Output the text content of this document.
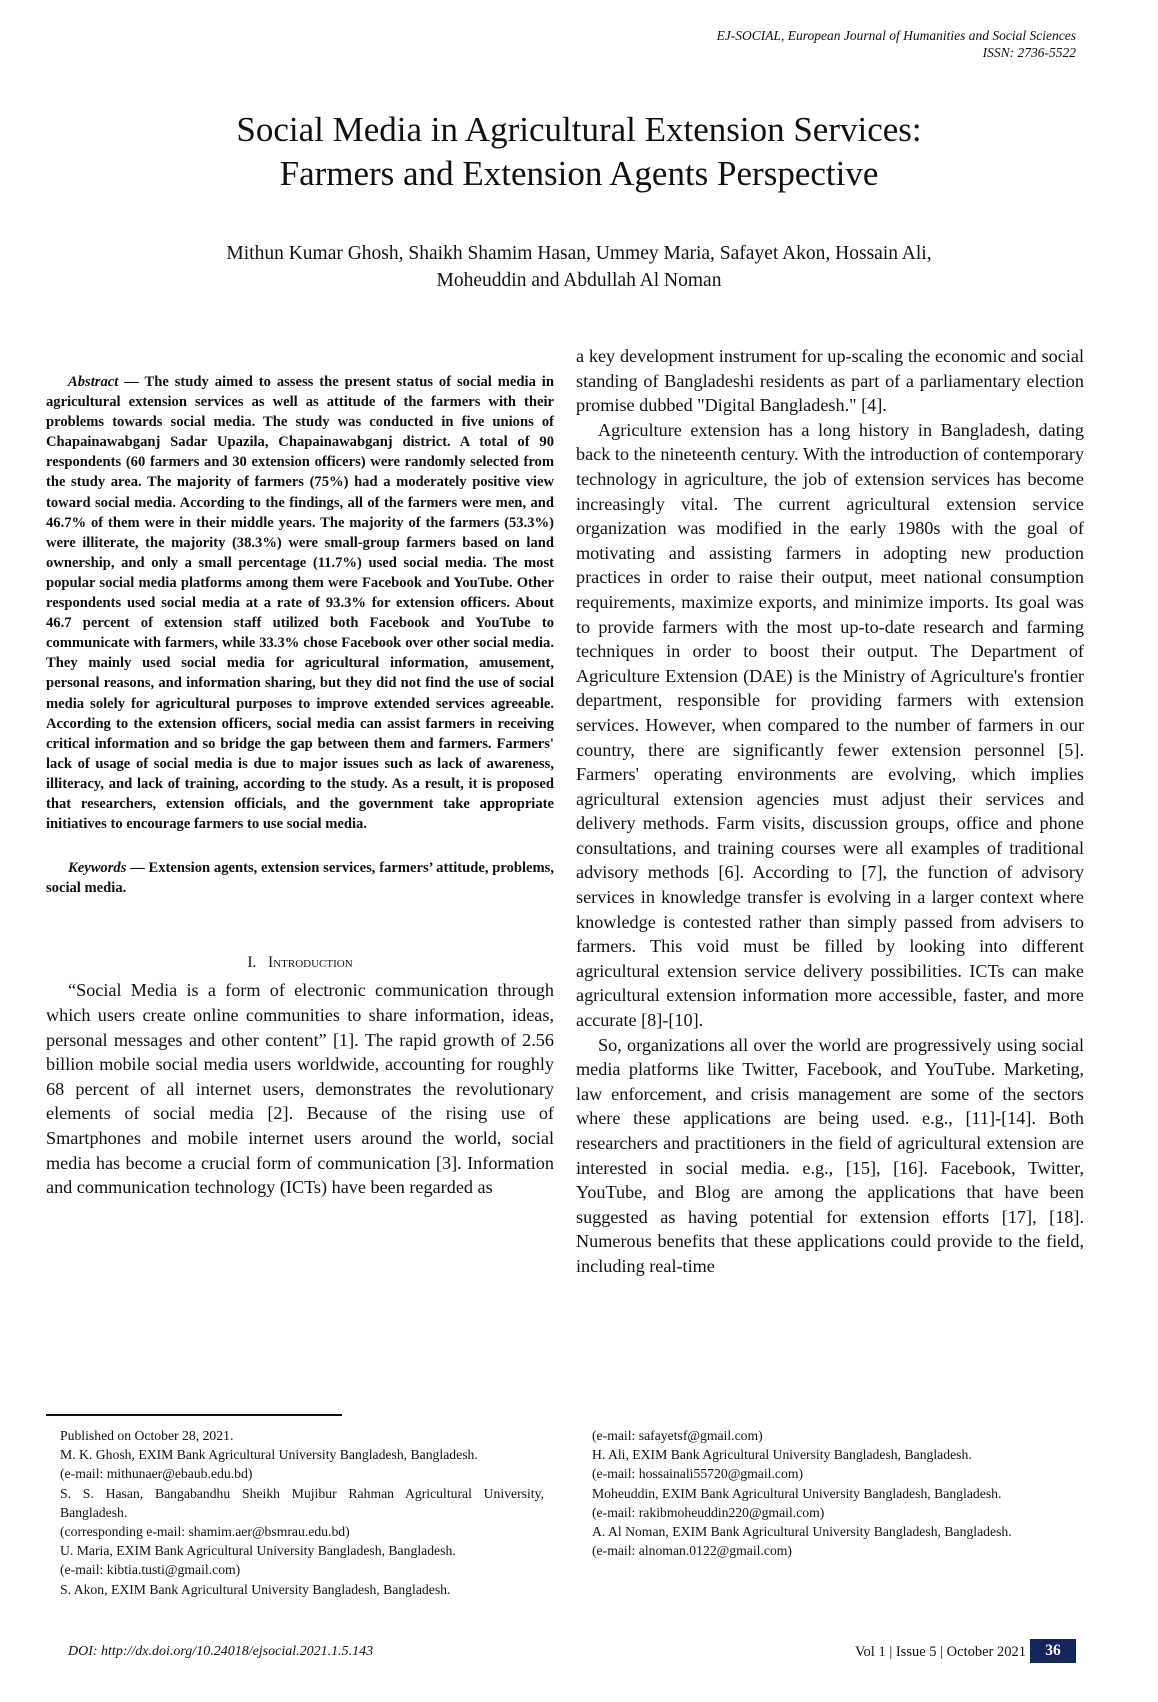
EJ-SOCIAL, European Journal of Humanities and Social Sciences
ISSN: 2736-5522
Social Media in Agricultural Extension Services:
Farmers and Extension Agents Perspective
Mithun Kumar Ghosh, Shaikh Shamim Hasan, Ummey Maria, Safayet Akon, Hossain Ali,
Moheuddin and Abdullah Al Noman

Abstract — The study aimed to assess the present status of social media in agricultural extension services as well as attitude of the farmers with their problems towards social media. The study was conducted in five unions of Chapainawabganj Sadar Upazila, Chapainawabganj district. A total of 90 respondents (60 farmers and 30 extension officers) were randomly selected from the study area. The majority of farmers (75%) had a moderately positive view toward social media. According to the findings, all of the farmers were men, and 46.7% of them were in their middle years. The majority of the farmers (53.3%) were illiterate, the majority (38.3%) were small-group farmers based on land ownership, and only a small percentage (11.7%) used social media. The most popular social media platforms among them were Facebook and YouTube. Other respondents used social media at a rate of 93.3% for extension officers. About 46.7 percent of extension staff utilized both Facebook and YouTube to communicate with farmers, while 33.3% chose Facebook over other social media. They mainly used social media for agricultural information, amusement, personal reasons, and information sharing, but they did not find the use of social media solely for agricultural purposes to improve extended services agreeable. According to the extension officers, social media can assist farmers in receiving critical information and so bridge the gap between them and farmers. Farmers' lack of usage of social media is due to major issues such as lack of awareness, illiteracy, and lack of training, according to the study. As a result, it is proposed that researchers, extension officials, and the government take appropriate initiatives to encourage farmers to use social media.

Keywords — Extension agents, extension services, farmers’ attitude, problems, social media.

I. Introduction

“Social Media is a form of electronic communication through which users create online communities to share information, ideas, personal messages and other content” [1]. The rapid growth of 2.56 billion mobile social media users worldwide, accounting for roughly 68 percent of all internet users, demonstrates the revolutionary elements of social media [2]. Because of the rising use of Smartphones and mobile internet users around the world, social media has become a crucial form of communication [3]. Information and communication technology (ICTs) have been regarded as

a key development instrument for up-scaling the economic and social standing of Bangladeshi residents as part of a parliamentary election promise dubbed "Digital Bangladesh." [4].

Agriculture extension has a long history in Bangladesh, dating back to the nineteenth century. With the introduction of contemporary technology in agriculture, the job of extension services has become increasingly vital. The current agricultural extension service organization was modified in the early 1980s with the goal of motivating and assisting farmers in adopting new production practices in order to raise their output, meet national consumption requirements, maximize exports, and minimize imports. Its goal was to provide farmers with the most up-to-date research and farming techniques in order to boost their output. The Department of Agriculture Extension (DAE) is the Ministry of Agriculture's frontier department, responsible for providing farmers with extension services. However, when compared to the number of farmers in our country, there are significantly fewer extension personnel [5]. Farmers' operating environments are evolving, which implies agricultural extension agencies must adjust their services and delivery methods. Farm visits, discussion groups, office and phone consultations, and training courses were all examples of traditional advisory methods [6]. According to [7], the function of advisory services in knowledge transfer is evolving in a larger context where knowledge is contested rather than simply passed from advisers to farmers. This void must be filled by looking into different agricultural extension service delivery possibilities. ICTs can make agricultural extension information more accessible, faster, and more accurate [8]-[10].

So, organizations all over the world are progressively using social media platforms like Twitter, Facebook, and YouTube. Marketing, law enforcement, and crisis management are some of the sectors where these applications are being used. e.g., [11]-[14]. Both researchers and practitioners in the field of agricultural extension are interested in social media. e.g., [15], [16]. Facebook, Twitter, YouTube, and Blog are among the applications that have been suggested as having potential for extension efforts [17], [18]. Numerous benefits that these applications could provide to the field, including real-time

Published on October 28, 2021.
M. K. Ghosh, EXIM Bank Agricultural University Bangladesh, Bangladesh.
(e-mail: mithunaer@ebaub.edu.bd)
S. S. Hasan, Bangabandhu Sheikh Mujibur Rahman Agricultural University, Bangladesh.
(corresponding e-mail: shamim.aer@bsmrau.edu.bd)
U. Maria, EXIM Bank Agricultural University Bangladesh, Bangladesh.
(e-mail: kibtia.tusti@gmail.com)
S. Akon, EXIM Bank Agricultural University Bangladesh, Bangladesh.
(e-mail: safayetsf@gmail.com)
H. Ali, EXIM Bank Agricultural University Bangladesh, Bangladesh.
(e-mail: hossainali55720@gmail.com)
Moheuddin, EXIM Bank Agricultural University Bangladesh, Bangladesh.
(e-mail: rakibmoheuddin220@gmail.com)
A. Al Noman, EXIM Bank Agricultural University Bangladesh, Bangladesh.
(e-mail: alnoman.0122@gmail.com)
DOI: http://dx.doi.org/10.24018/ejsocial.2021.1.5.143	Vol 1 | Issue 5 | October 2021	36
